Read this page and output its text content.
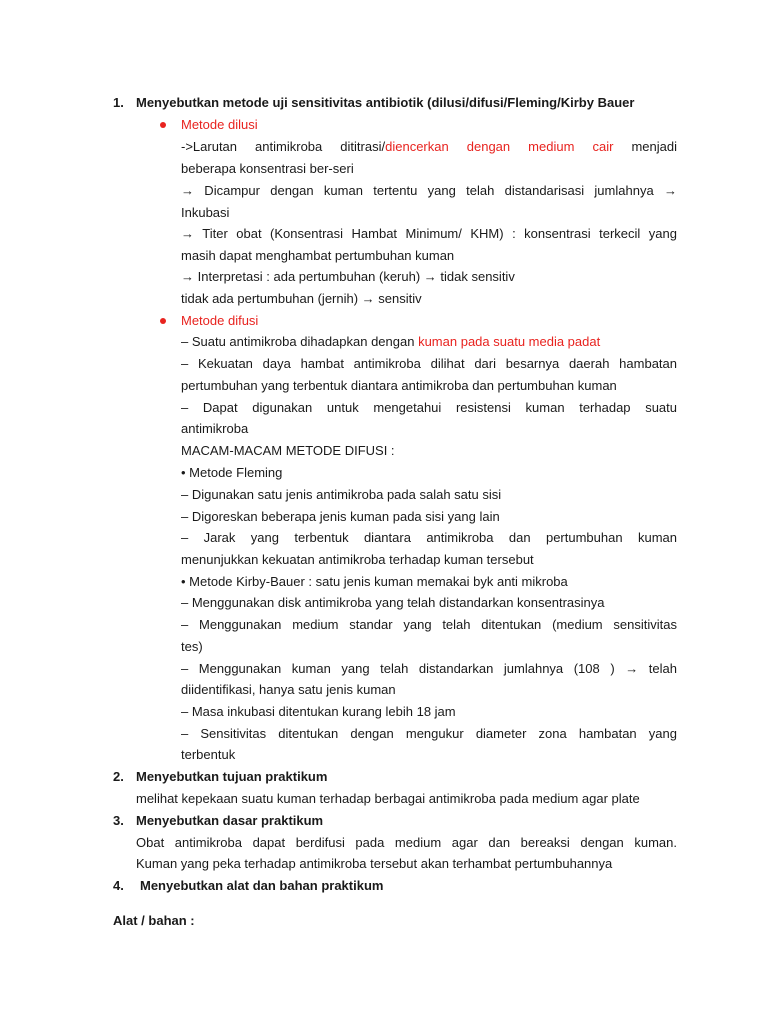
1. Menyebutkan metode uji sensitivitas antibiotik (dilusi/difusi/Fleming/Kirby Bauer
Metode dilusi
->Larutan antimikroba dititrasi/diencerkan dengan medium cair menjadi
beberapa konsentrasi ber-seri
→ Dicampur dengan kuman tertentu yang telah distandarisasi jumlahnya →
Inkubasi
→ Titer obat (Konsentrasi Hambat Minimum/ KHM) : konsentrasi terkecil yang
masih dapat menghambat pertumbuhan kuman
→ Interpretasi : ada pertumbuhan (keruh) → tidak sensitiv
tidak ada pertumbuhan (jernih) → sensitiv
Metode difusi
– Suatu antimikroba dihadapkan dengan kuman pada suatu media padat
– Kekuatan daya hambat antimikroba dilihat dari besarnya daerah hambatan
pertumbuhan yang terbentuk diantara antimikroba dan pertumbuhan kuman
– Dapat digunakan untuk mengetahui resistensi kuman terhadap suatu
antimikroba
MACAM-MACAM METODE DIFUSI :
• Metode Fleming
– Digunakan satu jenis antimikroba pada salah satu sisi
– Digoreskan beberapa jenis kuman pada sisi yang lain
– Jarak yang terbentuk diantara antimikroba dan pertumbuhan kuman
menunjukkan kekuatan antimikroba terhadap kuman tersebut
• Metode Kirby-Bauer : satu jenis kuman memakai byk anti mikroba
– Menggunakan disk antimikroba yang telah distandarkan konsentrasinya
– Menggunakan medium standar yang telah ditentukan (medium sensitivitas
tes)
– Menggunakan kuman yang telah distandarkan jumlahnya (108 ) → telah
diidentifikasi, hanya satu jenis kuman
– Masa inkubasi ditentukan kurang lebih 18 jam
– Sensitivitas ditentukan dengan mengukur diameter zona hambatan yang
terbentuk
2. Menyebutkan tujuan praktikum
melihat kepekaan suatu kuman terhadap berbagai antimikroba pada medium agar plate
3. Menyebutkan dasar praktikum
Obat antimikroba dapat berdifusi pada medium agar dan bereaksi dengan kuman.
Kuman yang peka terhadap antimikroba tersebut akan terhambat pertumbuhannya
4. Menyebutkan alat dan bahan praktikum
Alat / bahan :
